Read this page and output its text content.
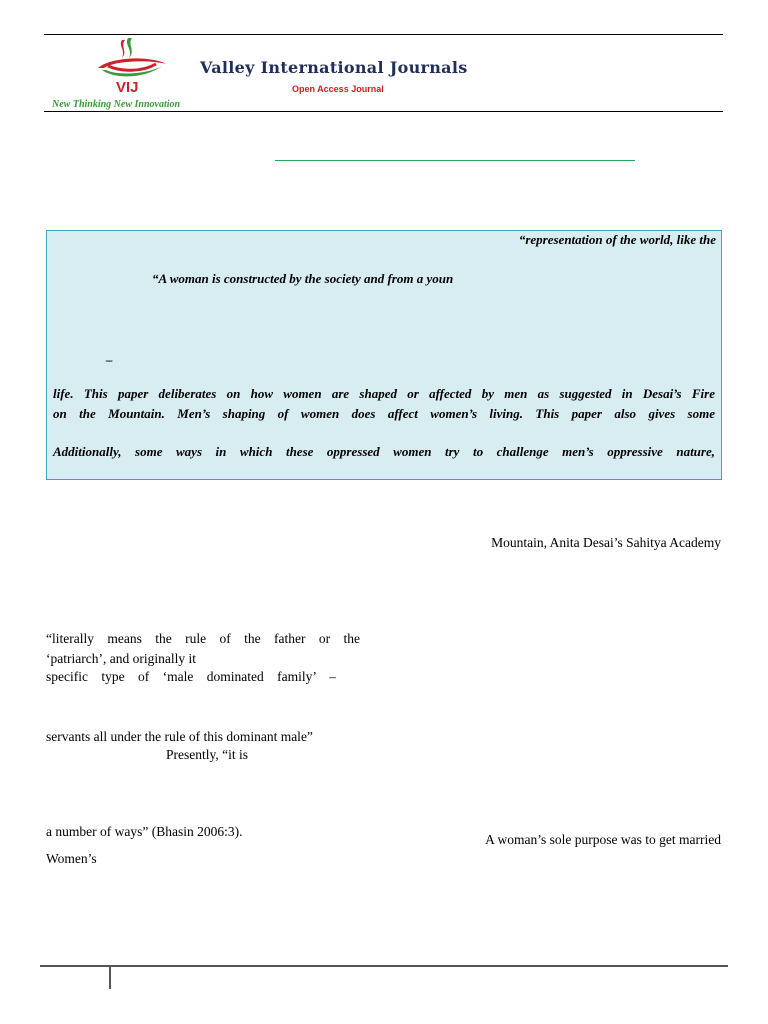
VIJ
Valley International Journals
Open Access Journal
New Thinking New Innovation
“representation of the world, like the
“A woman is constructed by the society and from a youn
–
life. This paper deliberates on how women are shaped or affected by men as suggested in Desai’s Fire
on the Mountain. Men’s shaping of women does affect women’s living. This paper also gives some
Additionally, some ways in which these oppressed women try to challenge men’s oppressive nature,
Mountain, Anita Desai’s Sahitya Academy
“literally means the rule of the father or the
‘patriarch’, and originally it
specific type of ‘male dominated family’ –
servants all under the rule of this dominant male”
Presently, “it is
a number of ways” (Bhasin 2006:3).
Women’s
A woman’s sole purpose was to get married
